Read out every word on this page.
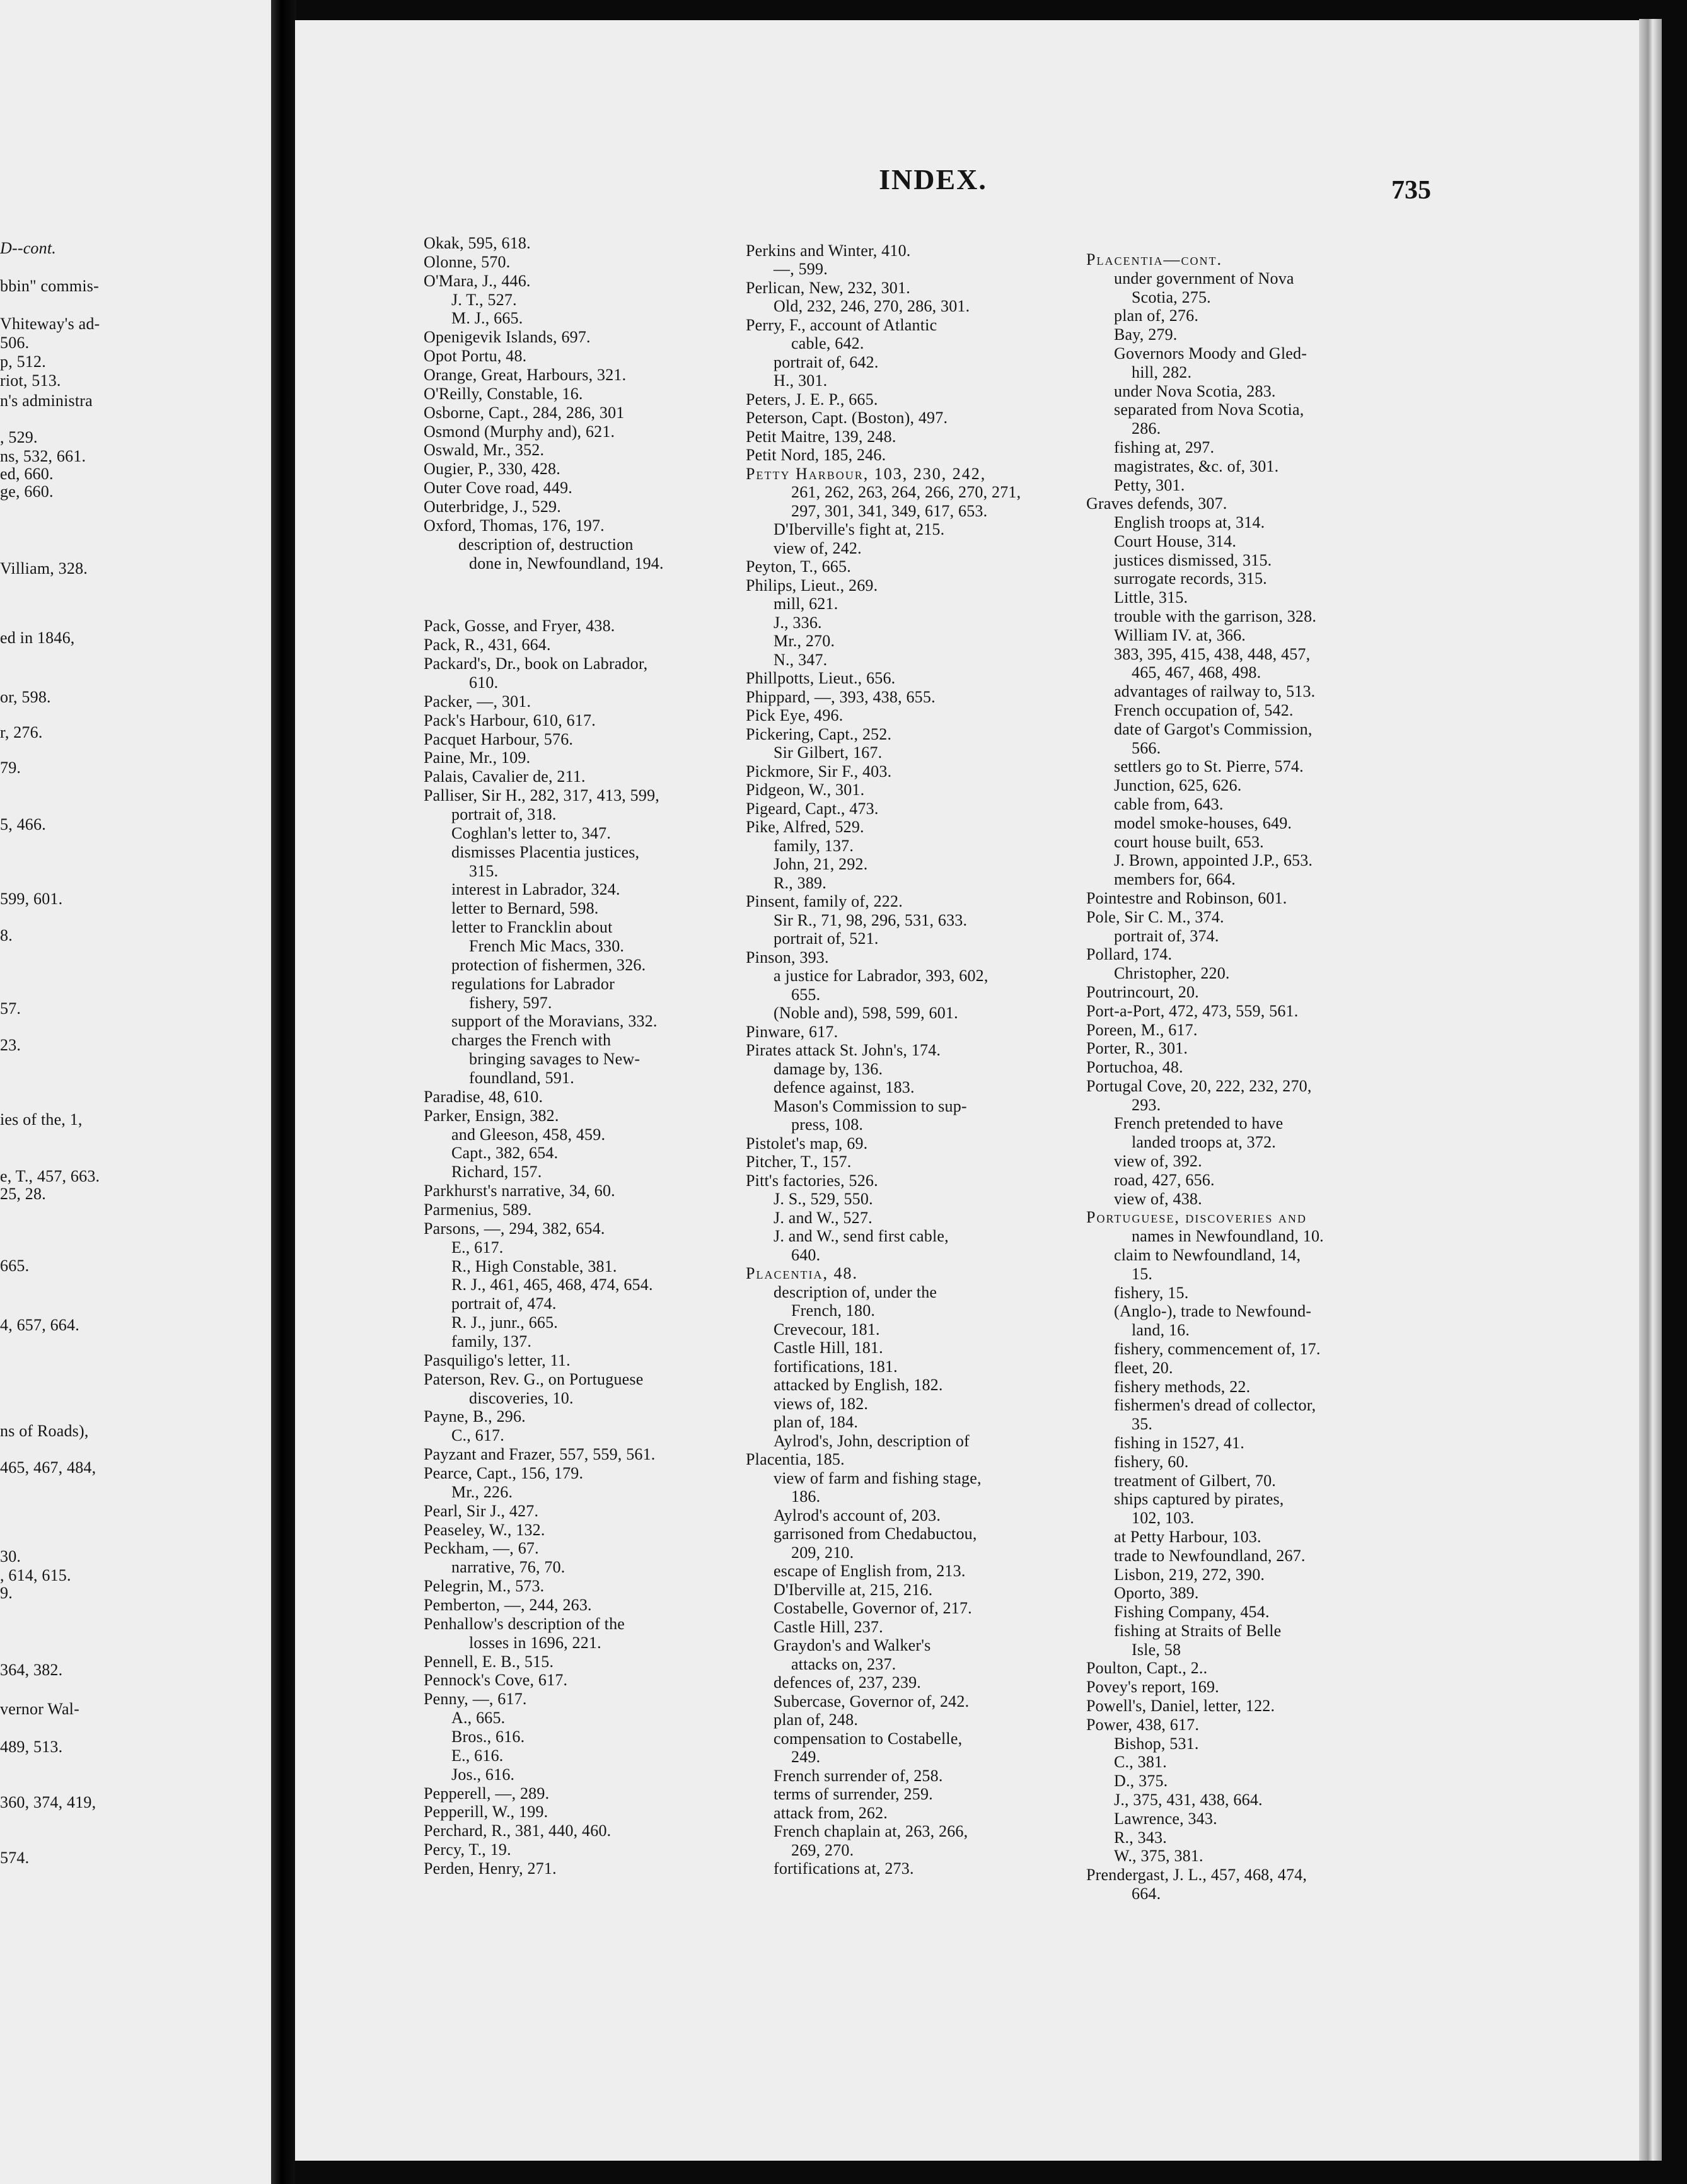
D--cont.
bbin" commis-
Vhiteway's ad-
506.
p, 512.
riot, 513.
n's administra
, 529.
ns, 532, 661.
ed, 660.
ge, 660.
Villiam, 328.
ed in 1846,
or, 598.
r, 276.
79.
5, 466.
599, 601.
8.
57.
23.
ies of the, 1,
e, T., 457, 663.
25, 28.
665.
4, 657, 664.
ns of Roads),
465, 467, 484,
30.
, 614, 615.
9.
364, 382.
vernor Wal-
489, 513.
360, 374, 419,
574.
INDEX.	735
Okak, 595, 618.
Olonne, 570.
O'Mara, J., 446.
J. T., 527.
M. J., 665.
Openigevik Islands, 697.
Opot Portu, 48.
Orange, Great, Harbours, 321.
O'Reilly, Constable, 16.
Osborne, Capt., 284, 286, 301
Osmond (Murphy and), 621.
Oswald, Mr., 352.
Ougier, P., 330, 428.
Outer Cove road, 449.
Outerbridge, J., 529.
Oxford, Thomas, 176, 197.
description of, destruction
done in, Newfoundland, 194.
Pack, Gosse, and Fryer, 438.
Pack, R., 431, 664.
Packard's, Dr., book on Labrador,
610.
Packer, —, 301.
Pack's Harbour, 610, 617.
Pacquet Harbour, 576.
Paine, Mr., 109.
Palais, Cavalier de, 211.
Palliser, Sir H., 282, 317, 413, 599,
portrait of, 318.
Coghlan's letter to, 347.
dismisses Placentia justices,
315.
interest in Labrador, 324.
letter to Bernard, 598.
letter to Francklin about
French Mic Macs, 330.
protection of fishermen, 326.
regulations for Labrador
fishery, 597.
support of the Moravians, 332.
charges the French with
bringing savages to New-
foundland, 591.
Paradise, 48, 610.
Parker, Ensign, 382.
and Gleeson, 458, 459.
Capt., 382, 654.
Richard, 157.
Parkhurst's narrative, 34, 60.
Parmenius, 589.
Parsons, —, 294, 382, 654.
E., 617.
R., High Constable, 381.
R. J., 461, 465, 468, 474, 654.
portrait of, 474.
R. J., junr., 665.
family, 137.
Pasquiligo's letter, 11.
Paterson, Rev. G., on Portuguese
discoveries, 10.
Payne, B., 296.
C., 617.
Payzant and Frazer, 557, 559, 561.
Pearce, Capt., 156, 179.
Mr., 226.
Pearl, Sir J., 427.
Peaseley, W., 132.
Peckham, —, 67.
narrative, 76, 70.
Pelegrin, M., 573.
Pemberton, —, 244, 263.
Penhallow's description of the
losses in 1696, 221.
Pennell, E. B., 515.
Pennock's Cove, 617.
Penny, —, 617.
A., 665.
Bros., 616.
E., 616.
Jos., 616.
Pepperell, —, 289.
Pepperill, W., 199.
Perchard, R., 381, 440, 460.
Percy, T., 19.
Perden, Henry, 271.
Perkins and Winter, 410.
—, 599.
Perlican, New, 232, 301.
Old, 232, 246, 270, 286, 301.
Perry, F., account of Atlantic
cable, 642.
portrait of, 642.
H., 301.
Peters, J. E. P., 665.
Peterson, Capt. (Boston), 497.
Petit Maitre, 139, 248.
Petit Nord, 185, 246.
Petty Harbour, 103, 230, 242,
261, 262, 263, 264, 266, 270, 271,
297, 301, 341, 349, 617, 653.
D'Iberville's fight at, 215.
view of, 242.
Peyton, T., 665.
Philips, Lieut., 269.
mill, 621.
J., 336.
Mr., 270.
N., 347.
Phillpotts, Lieut., 656.
Phippard, —, 393, 438, 655.
Pick Eye, 496.
Pickering, Capt., 252.
Sir Gilbert, 167.
Pickmore, Sir F., 403.
Pidgeon, W., 301.
Pigeard, Capt., 473.
Pike, Alfred, 529.
family, 137.
John, 21, 292.
R., 389.
Pinsent, family of, 222.
Sir R., 71, 98, 296, 531, 633.
portrait of, 521.
Pinson, 393.
a justice for Labrador, 393, 602,
655.
(Noble and), 598, 599, 601.
Pinware, 617.
Pirates attack St. John's, 174.
damage by, 136.
defence against, 183.
Mason's Commission to sup-
press, 108.
Pistolet's map, 69.
Pitcher, T., 157.
Pitt's factories, 526.
J. S., 529, 550.
J. and W., 527.
J. and W., send first cable,
640.
Placentia, 48.
description of, under the
French, 180.
Crevecour, 181.
Castle Hill, 181.
fortifications, 181.
attacked by English, 182.
views of, 182.
plan of, 184.
Aylrod's, John, description of
Placentia, 185.
view of farm and fishing stage,
186.
Aylrod's account of, 203.
garrisoned from Chedabuctou,
209, 210.
escape of English from, 213.
D'Iberville at, 215, 216.
Costabelle, Governor of, 217.
Castle Hill, 237.
Graydon's and Walker's
attacks on, 237.
defences of, 237, 239.
Subercase, Governor of, 242.
plan of, 248.
compensation to Costabelle,
249.
French surrender of, 258.
terms of surrender, 259.
attack from, 262.
French chaplain at, 263, 266,
269, 270.
fortifications at, 273.
Placentia—cont.
under government of Nova
Scotia, 275.
plan of, 276.
Bay, 279.
Governors Moody and Gled-
hill, 282.
under Nova Scotia, 283.
separated from Nova Scotia,
286.
fishing at, 297.
magistrates, &c. of, 301.
Petty, 301.
Graves defends, 307.
English troops at, 314.
Court House, 314.
justices dismissed, 315.
surrogate records, 315.
Little, 315.
trouble with the garrison, 328.
William IV. at, 366.
383, 395, 415, 438, 448, 457,
465, 467, 468, 498.
advantages of railway to, 513.
French occupation of, 542.
date of Gargot's Commission,
566.
settlers go to St. Pierre, 574.
Junction, 625, 626.
cable from, 643.
model smoke-houses, 649.
court house built, 653.
J. Brown, appointed J.P., 653.
members for, 664.
Pointestre and Robinson, 601.
Pole, Sir C. M., 374.
portrait of, 374.
Pollard, 174.
Christopher, 220.
Poutrincourt, 20.
Port-a-Port, 472, 473, 559, 561.
Poreen, M., 617.
Porter, R., 301.
Portuchoa, 48.
Portugal Cove, 20, 222, 232, 270,
293.
French pretended to have
landed troops at, 372.
view of, 392.
road, 427, 656.
view of, 438.
Portuguese, discoveries and
names in Newfoundland, 10.
claim to Newfoundland, 14,
15.
fishery, 15.
(Anglo-), trade to Newfound-
land, 16.
fishery, commencement of, 17.
fleet, 20.
fishery methods, 22.
fishermen's dread of collector,
35.
fishing in 1527, 41.
fishery, 60.
treatment of Gilbert, 70.
ships captured by pirates,
102, 103.
at Petty Harbour, 103.
trade to Newfoundland, 267.
Lisbon, 219, 272, 390.
Oporto, 389.
Fishing Company, 454.
fishing at Straits of Belle
Isle, 58
Poulton, Capt., 2..
Povey's report, 169.
Powell's, Daniel, letter, 122.
Power, 438, 617.
Bishop, 531.
C., 381.
D., 375.
J., 375, 431, 438, 664.
Lawrence, 343.
R., 343.
W., 375, 381.
Prendergast, J. L., 457, 468, 474,
664.
